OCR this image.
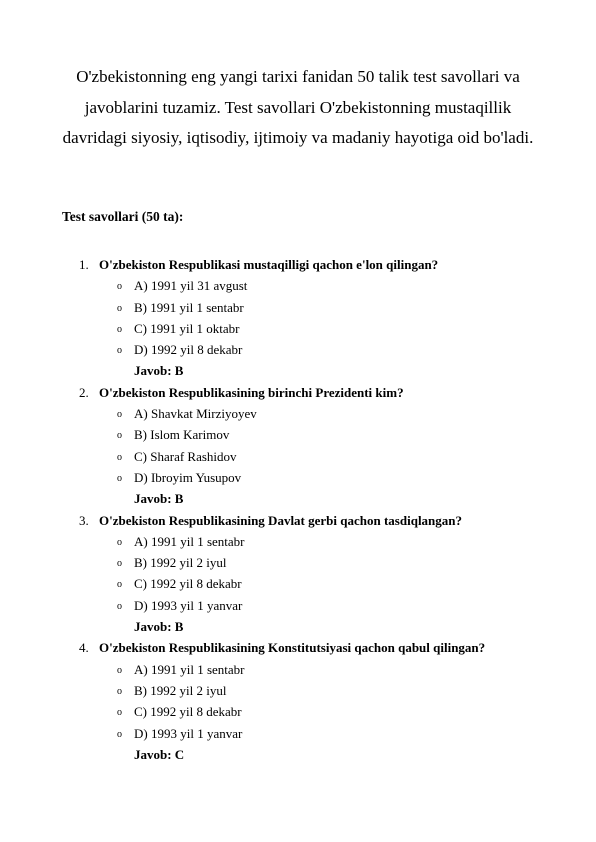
O'zbekistonning eng yangi tarixi fanidan 50 talik test savollari va javoblarini tuzamiz. Test savollari O'zbekistonning mustaqillik davridagi siyosiy, iqtisodiy, ijtimoiy va madaniy hayotiga oid bo'ladi.
Test savollari (50 ta):
1. O'zbekiston Respublikasi mustaqilligi qachon e'lon qilingan?
o A) 1991 yil 31 avgust
o B) 1991 yil 1 sentabr
o C) 1991 yil 1 oktabr
o D) 1992 yil 8 dekabr
Javob: B
2. O'zbekiston Respublikasining birinchi Prezidenti kim?
o A) Shavkat Mirziyoyev
o B) Islom Karimov
o C) Sharaf Rashidov
o D) Ibroyim Yusupov
Javob: B
3. O'zbekiston Respublikasining Davlat gerbi qachon tasdiqlangan?
o A) 1991 yil 1 sentabr
o B) 1992 yil 2 iyul
o C) 1992 yil 8 dekabr
o D) 1993 yil 1 yanvar
Javob: B
4. O'zbekiston Respublikasining Konstitutsiyasi qachon qabul qilingan?
o A) 1991 yil 1 sentabr
o B) 1992 yil 2 iyul
o C) 1992 yil 8 dekabr
o D) 1993 yil 1 yanvar
Javob: C
